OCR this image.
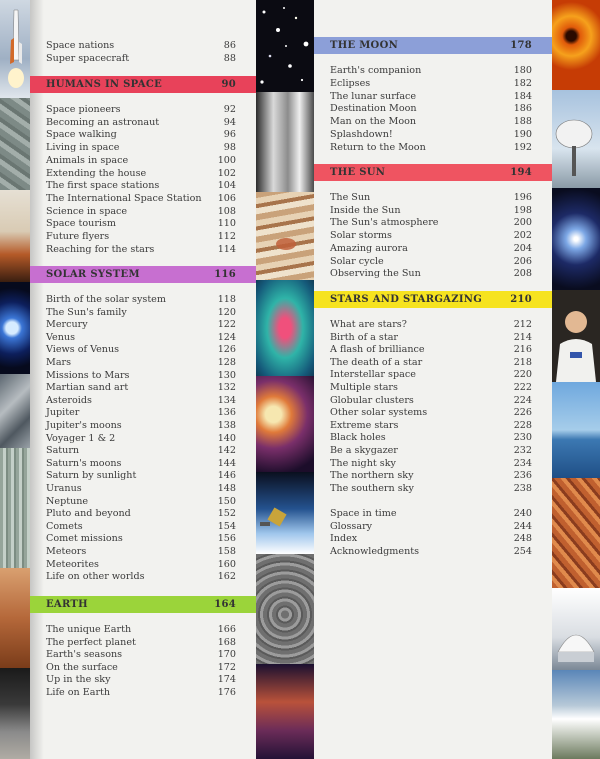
Space nations	86
Super spacecraft	88
HUMANS IN SPACE	90
Space pioneers	92
Becoming an astronaut	94
Space walking	96
Living in space	98
Animals in space	100
Extending the house	102
The first space stations	104
The International Space Station 106
Science in space	108
Space tourism	110
Future flyers	112
Reaching for the stars	114
SOLAR SYSTEM	116
Birth of the solar system	118
The Sun's family	120
Mercury	122
Venus	124
Views of Venus	126
Mars	128
Missions to Mars	130
Martian sand art	132
Asteroids	134
Jupiter	136
Jupiter's moons	138
Voyager 1 & 2	140
Saturn	142
Saturn's moons	144
Saturn by sunlight	146
Uranus	148
Neptune	150
Pluto and beyond	152
Comets	154
Comet missions	156
Meteors	158
Meteorites	160
Life on other worlds	162
EARTH	164
The unique Earth	166
The perfect planet	168
Earth's seasons	170
On the surface	172
Up in the sky	174
Life on Earth	176
THE MOON	178
Earth's companion	180
Eclipses	182
The lunar surface	184
Destination Moon	186
Man on the Moon	188
Splashdown!	190
Return to the Moon	192
THE SUN	194
The Sun	196
Inside the Sun	198
The Sun's atmosphere	200
Solar storms	202
Amazing aurora	204
Solar cycle	206
Observing the Sun	208
STARS AND STARGAZING	210
What are stars?	212
Birth of a star	214
A flash of brilliance	216
The death of a star	218
Interstellar space	220
Multiple stars	222
Globular clusters	224
Other solar systems	226
Extreme stars	228
Black holes	230
Be a skygazer	232
The night sky	234
The northern sky	236
The southern sky	238
Space in time	240
Glossary	244
Index	248
Acknowledgments	254
